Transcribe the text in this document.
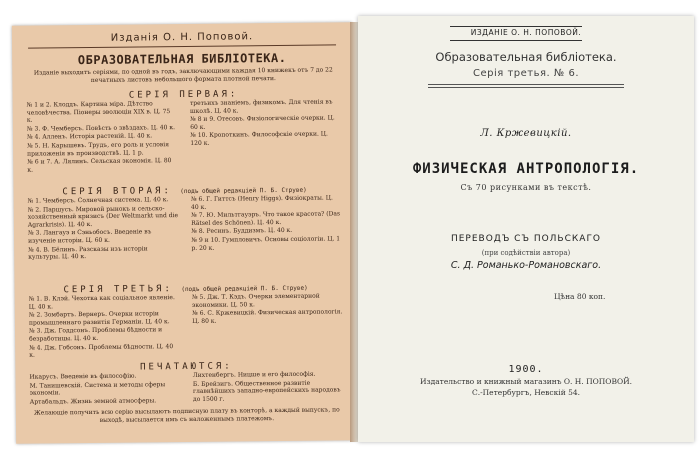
Изданiя О. Н. Поповой.
ОБРАЗОВАТЕЛЬНАЯ БИБЛIОТЕКА.
Изданiе выходитъ серiями, по одной въ годъ, заключающими каждая 10 книжекъ отъ 7 до 22 печатныхъ листовъ небольшого формата плотной печати.
СЕРIЯ ПЕРВАЯ:

№ 1 и 2. Клоддъ. Картина мiра. Дѣтство человѣчества. Пiонеры эволюцiи XIX в. Ц. 75 к.

№ 3. Ф. Чемберсъ. Повѣсть о звѣздахъ. Ц. 40 к.

№ 4. Алленъ. Исторiя растенiй. Ц. 40 к.

№ 5. Н. Карышевъ. Трудъ, его роль и условiя приложенiя въ производствѣ. Ц. 1 р.

№ 6 и 7. А. Лялинъ. Сельская экономiя. Ц. 80 к.

третьихъ знанiемъ, физикомъ. Для чтенiя въ школѣ. Ц. 40 к.

№ 8 и 9. Отесовъ. Физiологическiе очерки. Ц. 60 к.

№ 10. Кропоткинъ. Философскiе очерки. Ц. 120 к.

СЕРIЯ ВТОРАЯ: (подъ общей редакцiей П. Б. Струве)

№ 1. Чемберсъ. Солнечная система. Ц. 40 к.

№ 2. Паршусъ. Мировой рынокъ и сельско-хозяйственный кризисъ (Der Weltmarkt und die Agrarkrisis). Ц. 40 к.

№ 3. Лангауэ и Сэньобосъ. Введенiе въ изученiе исторiи. Ц. 60 к.

№ 4. В. Бёлинъ. Разсказы изъ исторiи культуры. Ц. 40 к.

№ 6. Г. Гиттсъ (Henry Higgs). Физiократы. Ц. 40 к.

№ 7. Ю. Мильтгауэръ. Что такое красота? (Das Rätsel des Schönen). Ц. 40 к.

№ 8. Ресинъ. Буддизмъ. Ц. 40 к.

№ 9 и 10. Гумпловичъ. Основы соцiологiи. Ц. 1 р. 20 к.

СЕРIЯ ТРЕТЬЯ: (подъ общей редакцiей П. Б. Струве)

№ 1. В. Клэй. Чехотка как соцiальное явленiе. Ц. 40 к.

№ 2. Зомбартъ. Вернеръ. Очерки исторiи промышленнаго развитiя Германiи. Ц. 40 к.

№ 3. Дж. Годдсонъ. Проблемы бѣдности и безработицы. Ц. 40 к.

№ 4. Дж. Гобсонъ. Проблемы бѣдности. Ц. 40 к.

№ 5. Дж. Т. Кэдъ. Очерки элементарной экономики. Ц. 50 к.

№ 6. С. Кржевицкiй. Физическая антропологiя. Ц. 80 к.

ПЕЧАТАЮТСЯ:

Икарусъ. Введенiе въ философiю.

М. Танишевскiй. Система и методы сферы экономiи.

Артабальдъ. Жизнь земной атмосферы.

Лихтенбергъ. Ницше и его философiя.

Б. Брейзигъ. Общественное развитiе главнѣйшихъ западно-европейскихъ народовъ до 1500 г.

Желающiе получить всю серiю высылаютъ подписную плату въ конторѣ, а каждый выпускъ, по выходѣ, высылается имъ съ наложеннымъ платежомъ.
ИЗДАНIЕ О. Н. ПОПОВОЙ.
Образовательная библiотека.
Серiя третья. № 6.
Л. Кржевицкiй.
ФИЗИЧЕСКАЯ АНТРОПОЛОГIЯ.
Съ 70 рисунками въ текстѣ.
ПЕРЕВОДЪ СЪ ПОЛЬСКАГО
(при содѣйствiи автора)
С. Д. Романько-Романовскаго.
Цѣна 80 коп.
1900.
Издательство и книжный магазинъ О. Н. ПОПОВОЙ.
С.-Петербургъ, Невскiй 54.
